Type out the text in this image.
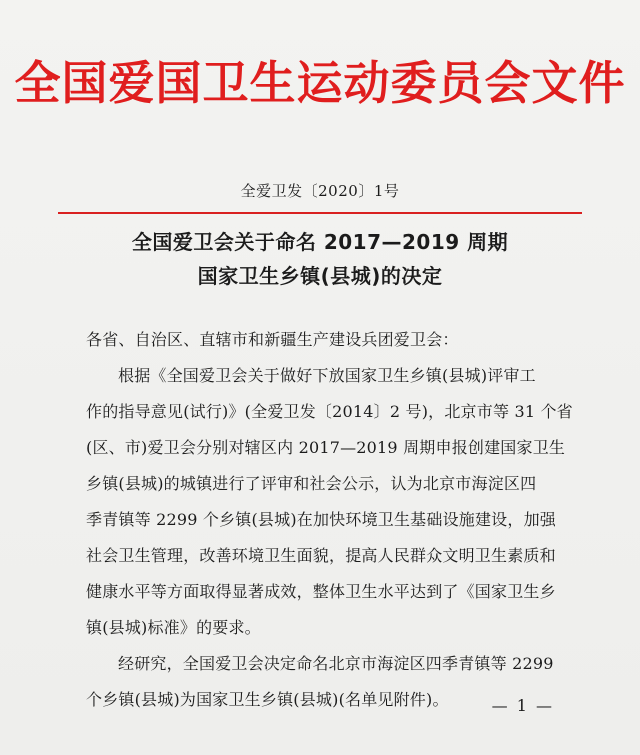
全国爱国卫生运动委员会文件
全爱卫发〔2020〕1号
全国爱卫会关于命名 2017—2019 周期
国家卫生乡镇(县城)的决定
各省、自治区、直辖市和新疆生产建设兵团爱卫会：
根据《全国爱卫会关于做好下放国家卫生乡镇(县城)评审工
作的指导意见(试行)》(全爱卫发〔2014〕2 号)，北京市等 31 个省
(区、市)爱卫会分别对辖区内 2017—2019 周期申报创建国家卫生
乡镇(县城)的城镇进行了评审和社会公示，认为北京市海淀区四
季青镇等 2299 个乡镇(县城)在加快环境卫生基础设施建设，加强
社会卫生管理，改善环境卫生面貌，提高人民群众文明卫生素质和
健康水平等方面取得显著成效，整体卫生水平达到了《国家卫生乡
镇(县城)标准》的要求。
经研究，全国爱卫会决定命名北京市海淀区四季青镇等 2299
个乡镇(县城)为国家卫生乡镇(县城)(名单见附件)。	— 1 —
